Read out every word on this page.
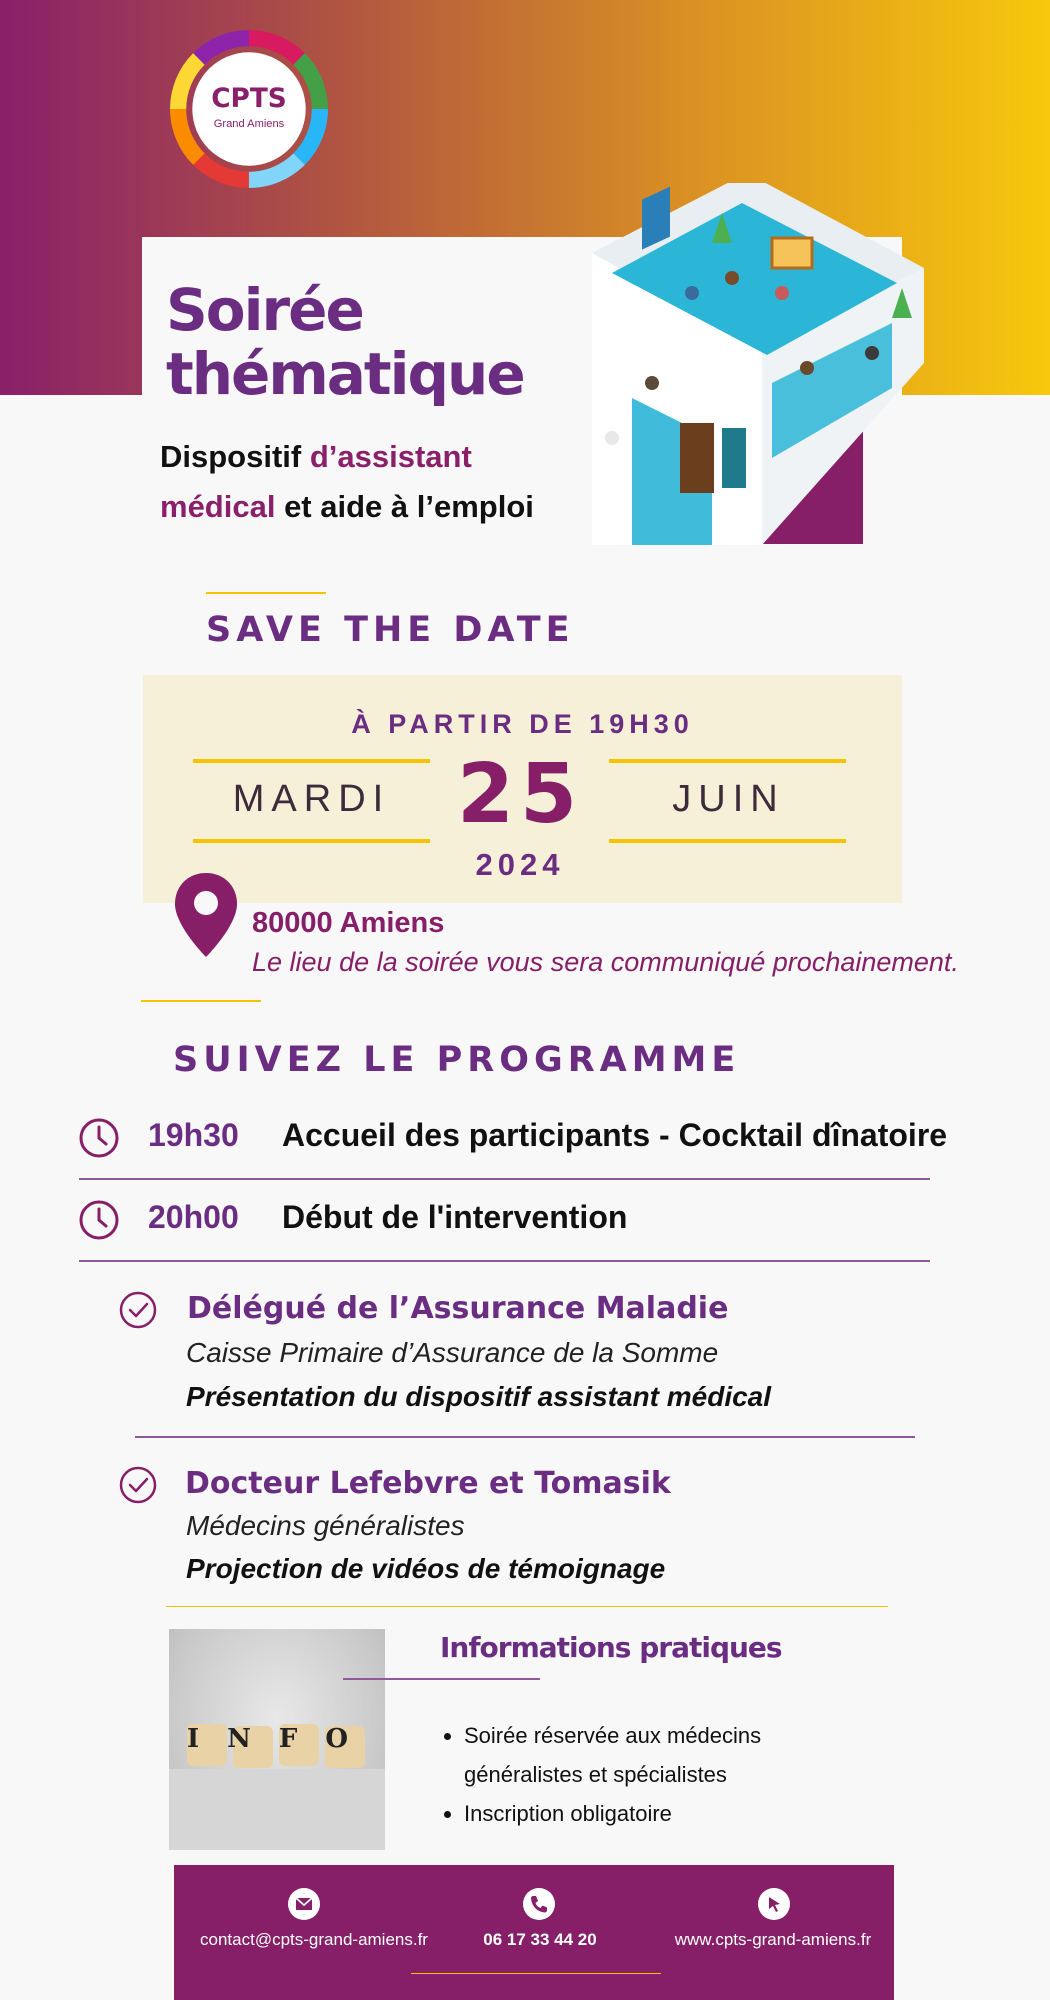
CPTS
Grand Amiens
Soirée
thématique
Dispositif d’assistant médical et aide à l’emploi
SAVE THE DATE
À PARTIR DE 19H30
MARDI 25	JUIN
2024
80000 Amiens
Le lieu de la soirée vous sera communiqué prochainement.
SUIVEZ LE PROGRAMME
19h30 Accueil des participants - Cocktail dînatoire
20h00 Début de l'intervention
Délégué de l’Assurance Maladie
Caisse Primaire d’Assurance de la Somme
Présentation du dispositif assistant médical
Docteur Lefebvre et Tomasik
Médecins généralistes
Projection de vidéos de témoignage
INFO
Informations pratiques
• Soirée réservée aux médecins généralistes et spécialistes
• Inscription obligatoire
contact@cpts-grand-amiens.fr	06 17 33 44 20	www.cpts-grand-amiens.fr
